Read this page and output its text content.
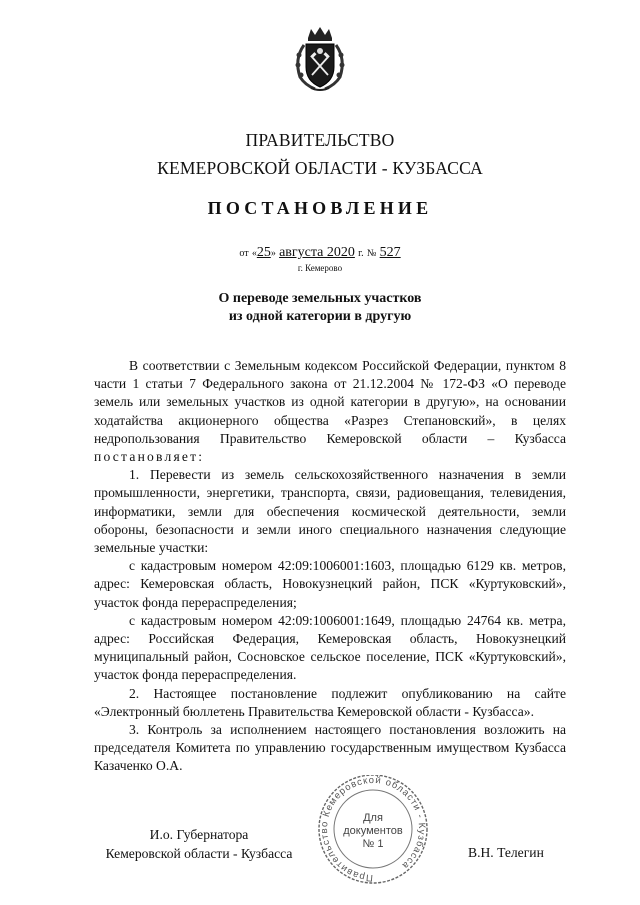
ПРАВИТЕЛЬСТВО
КЕМЕРОВСКОЙ ОБЛАСТИ - КУЗБАССА
ПОСТАНОВЛЕНИЕ
от «25» августа 2020 г. № 527
г. Кемерово
О переводе земельных участков
из одной категории в другую

В соответствии с Земельным кодексом Российской Федерации, пунктом 8 части 1 статьи 7 Федерального закона от 21.12.2004 № 172-ФЗ «О переводе земель или земельных участков из одной категории в другую», на основании ходатайства акционерного общества «Разрез Степановский», в целях недропользования Правительство Кемеровской области – Кузбасса постановляет:

1. Перевести из земель сельскохозяйственного назначения в земли промышленности, энергетики, транспорта, связи, радиовещания, телевидения, информатики, земли для обеспечения космической деятельности, земли обороны, безопасности и земли иного специального назначения следующие земельные участки:

с кадастровым номером 42:09:1006001:1603, площадью 6129 кв. метров, адрес: Кемеровская область, Новокузнецкий район, ПСК «Куртуковский», участок фонда перераспределения;

с кадастровым номером 42:09:1006001:1649, площадью 24764 кв. метра, адрес: Российская Федерация, Кемеровская область, Новокузнецкий муниципальный район, Сосновское сельское поселение, ПСК «Куртуковский», участок фонда перераспределения.

2. Настоящее постановление подлежит опубликованию на сайте «Электронный бюллетень Правительства Кемеровской области - Кузбасса».

3. Контроль за исполнением настоящего постановления возложить на председателя Комитета по управлению государственным имуществом Кузбасса Казаченко О.А.

И.о. Губернатора
Кемеровской области - Кузбасса
Правительство Кемеровской области - Кузбасса
Для
документов
№ 1
В.Н. Телегин
